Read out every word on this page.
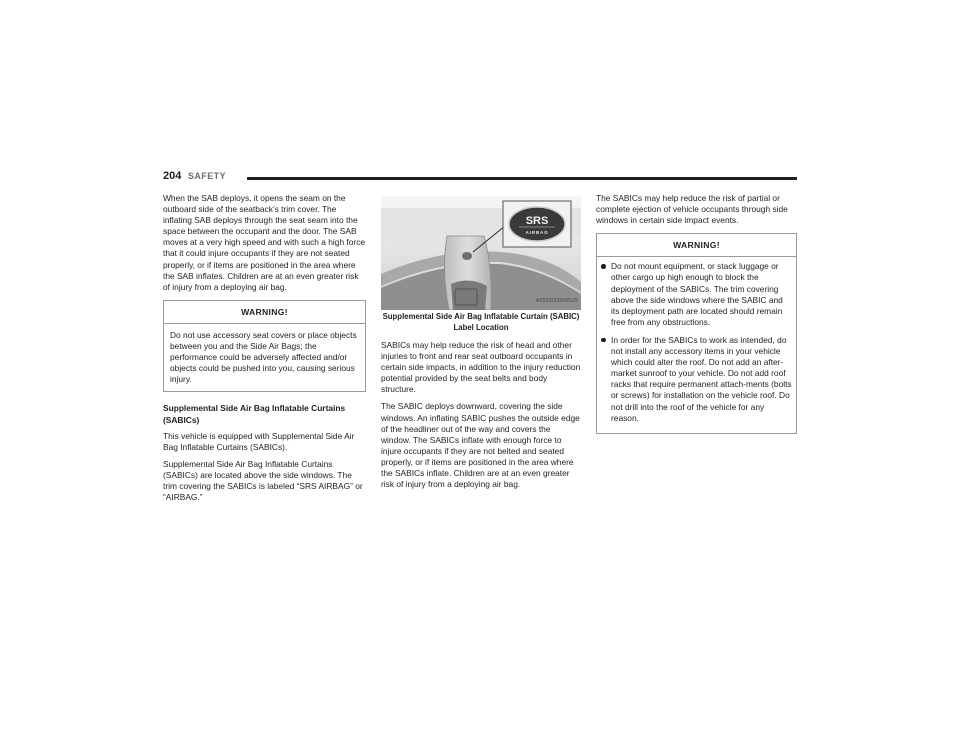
204 SAFETY

When the SAB deploys, it opens the seam on the outboard side of the seatback’s trim cover. The inflating SAB deploys through the seat seam into the space between the occupant and the door. The SAB moves at a very high speed and with such a high force that it could injure occupants if they are not seated properly, or if items are positioned in the area where the SAB inflates. Children are at an even greater risk of injury from a deploying air bag.

WARNING!
Do not use accessory seat covers or place objects between you and the Side Air Bags; the performance could be adversely affected and/or objects could be pushed into you, causing serious injury.

Supplemental Side Air Bag Inflatable Curtains (SABICs)

This vehicle is equipped with Supplemental Side Air Bag Inflatable Curtains (SABICs).

Supplemental Side Air Bag Inflatable Curtains (SABICs) are located above the side windows. The trim covering the SABICs is labeled “SRS AIRBAG” or “AIRBAG.”

SRS
AIRBAG
A0503000935US

Supplemental Side Air Bag Inflatable Curtain (SABIC) Label Location

SABICs may help reduce the risk of head and other injuries to front and rear seat outboard occupants in certain side impacts, in addition to the injury reduction potential provided by the seat belts and body structure.

The SABIC deploys downward, covering the side windows. An inflating SABIC pushes the outside edge of the headliner out of the way and covers the window. The SABICs inflate with enough force to injure occupants if they are not belted and seated properly, or if items are positioned in the area where the SABICs inflate. Children are at an even greater risk of injury from a deploying air bag.

The SABICs may help reduce the risk of partial or complete ejection of vehicle occupants through side windows in certain side impact events.

WARNING!
Do not mount equipment, or stack luggage or other cargo up high enough to block the deployment of the SABICs. The trim covering above the side windows where the SABIC and its deployment path are located should remain free from any obstructions.
In order for the SABICs to work as intended, do not install any accessory items in your vehicle which could alter the roof. Do not add an after-market sunroof to your vehicle. Do not add roof racks that require permanent attach-ments (bolts or screws) for installation on the vehicle roof. Do not drill into the roof of the vehicle for any reason.
